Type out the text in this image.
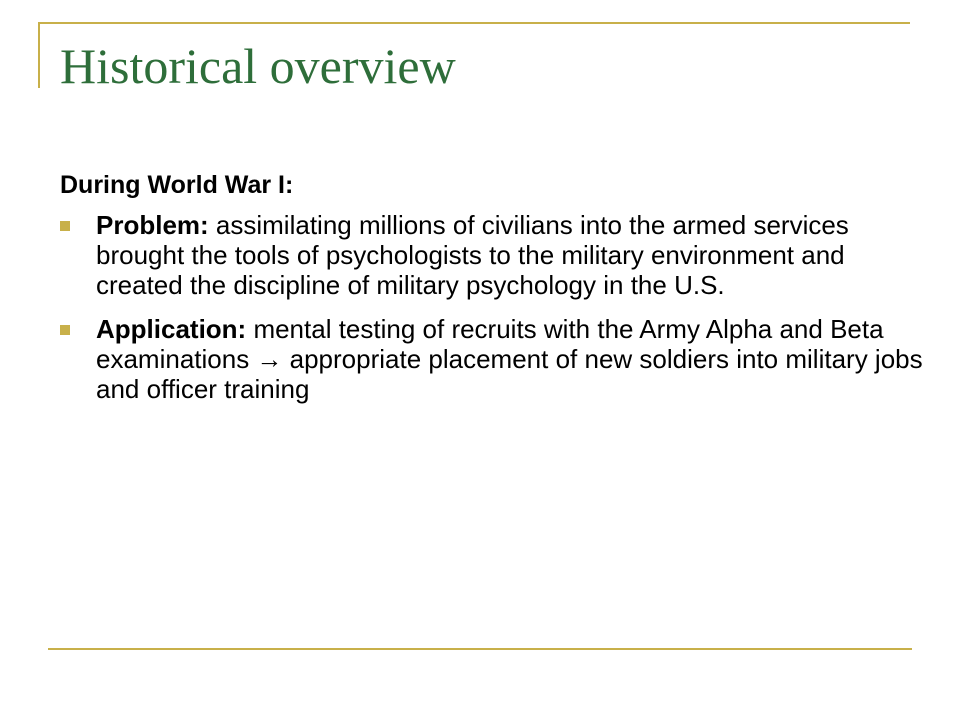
Historical overview
During World War I:
Problem: assimilating millions of civilians into the armed services brought the tools of psychologists to the military environment and created the discipline of military psychology in the U.S.
Application: mental testing of recruits with the Army Alpha and Beta examinations → appropriate placement of new soldiers into military jobs and officer training
